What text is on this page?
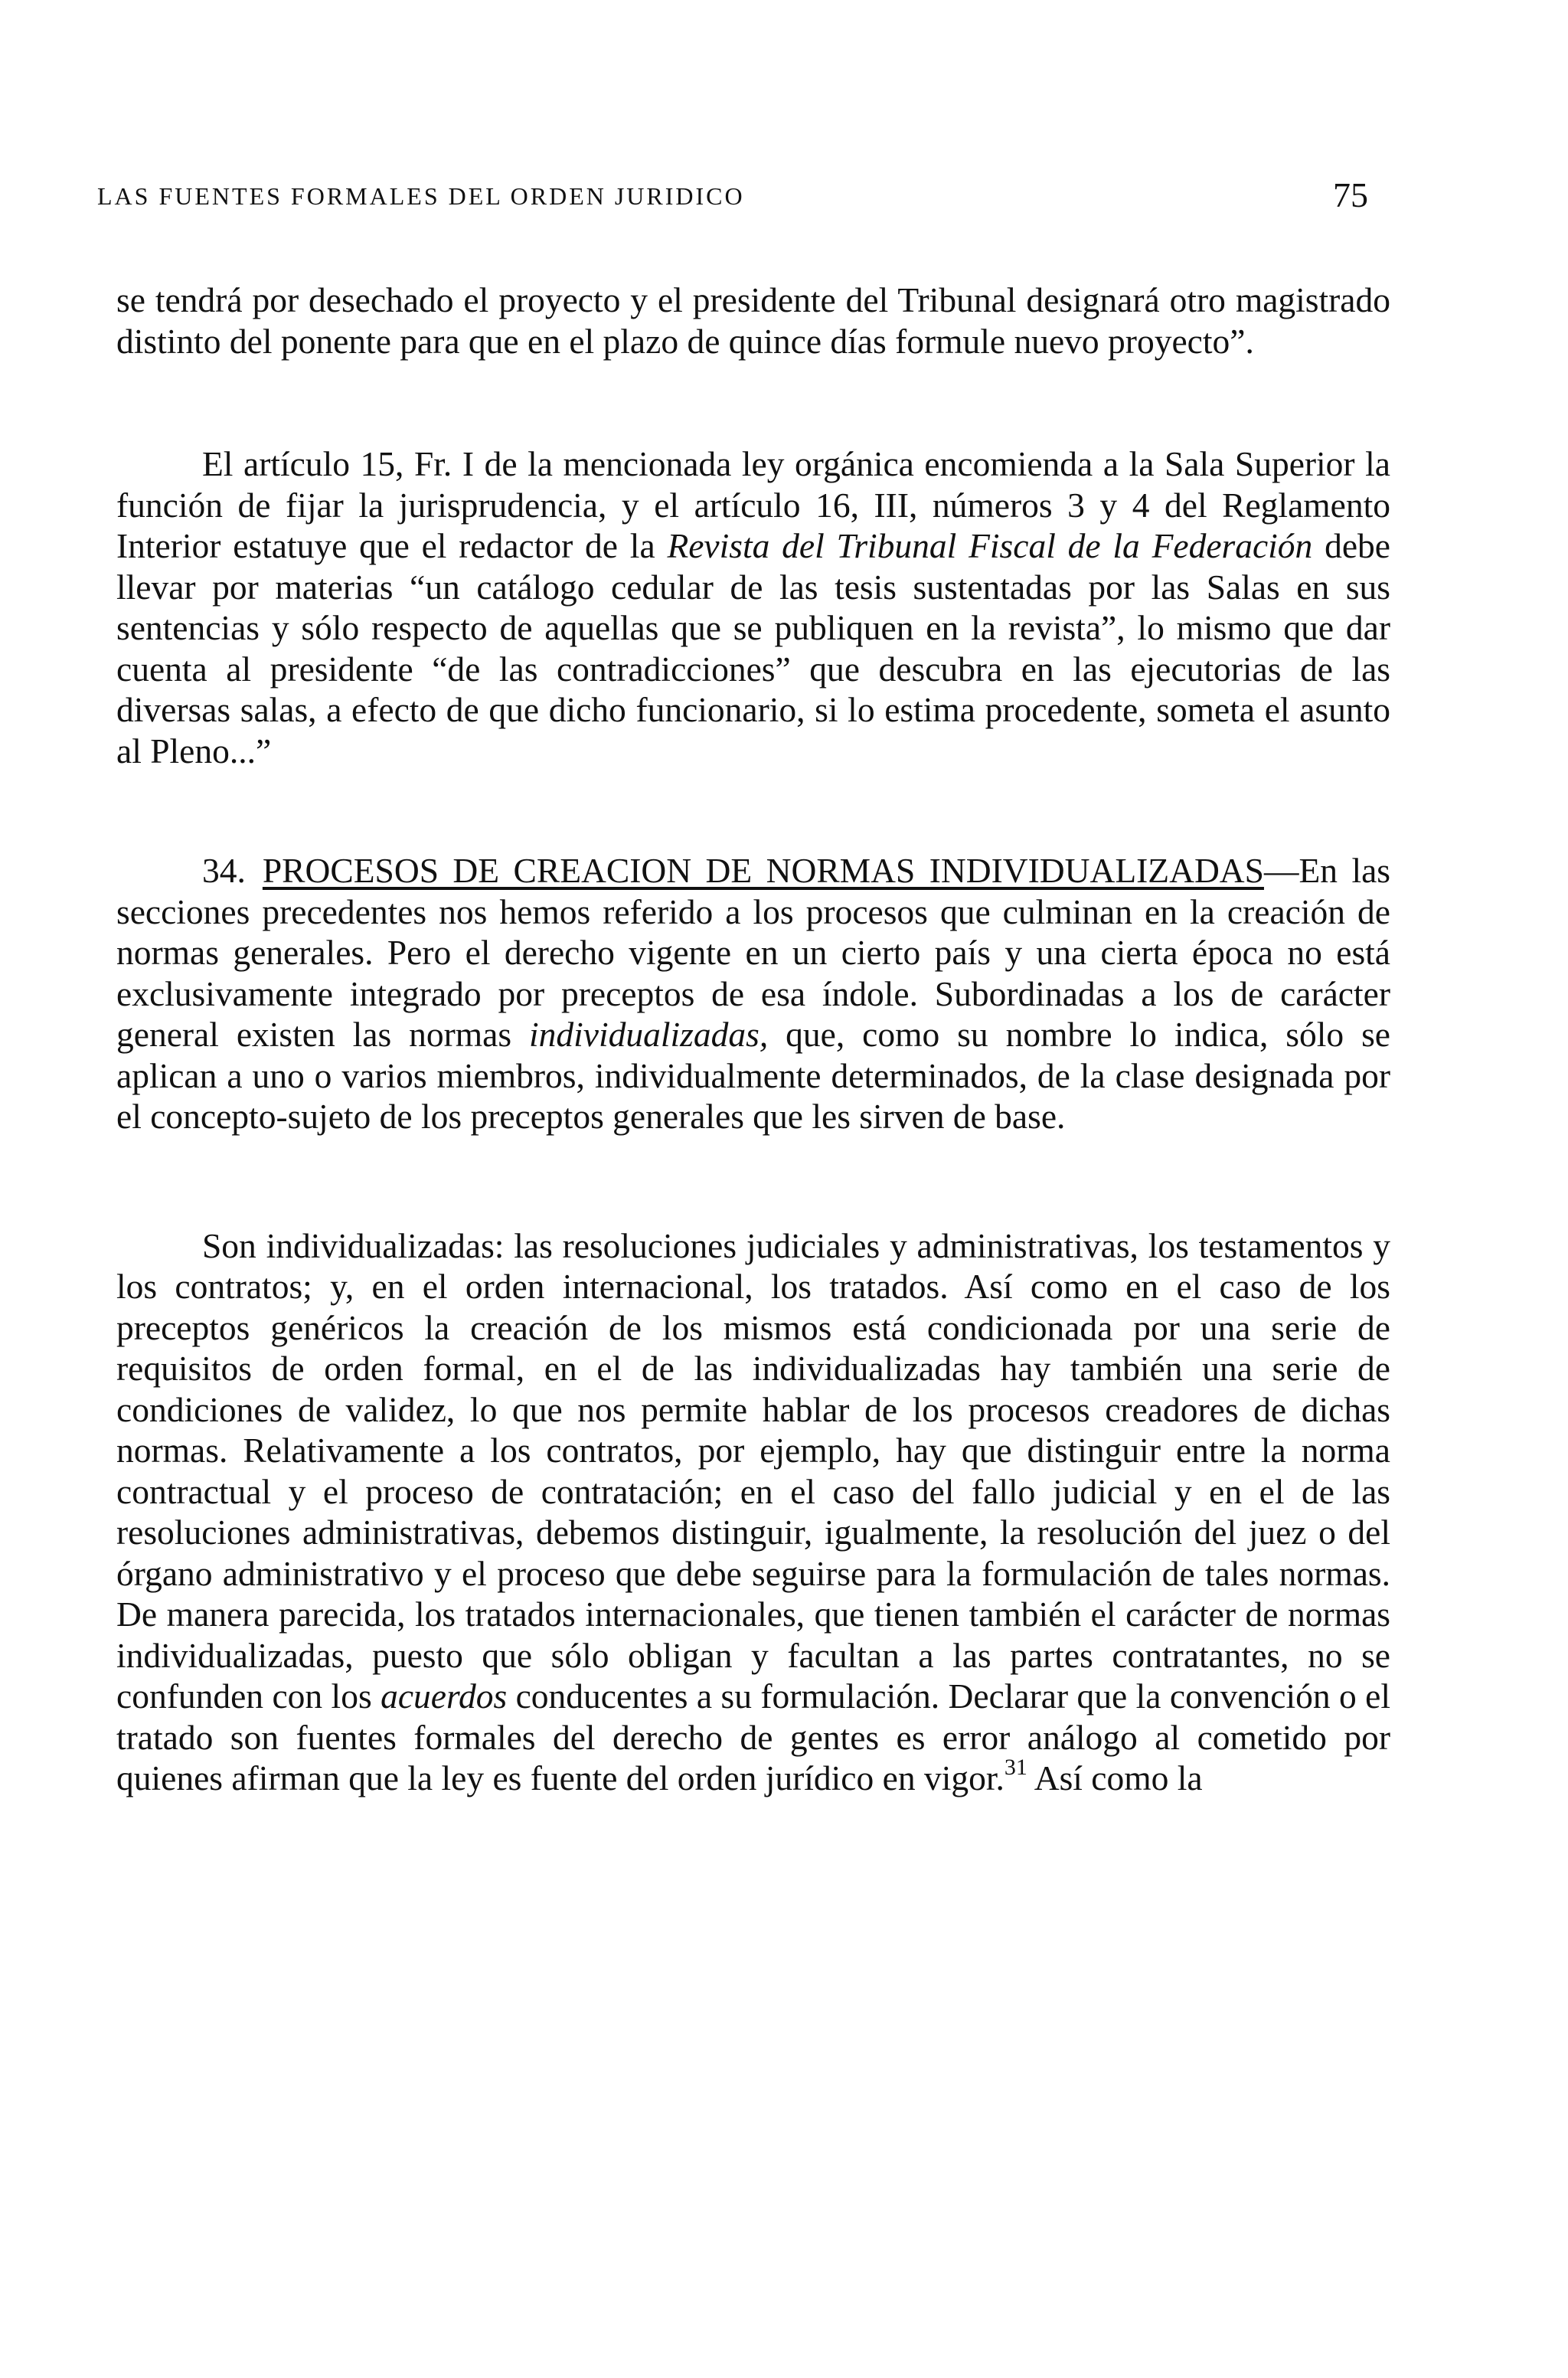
LAS FUENTES FORMALES DEL ORDEN JURIDICO	75

se tendrá por desechado el proyecto y el presidente del Tribunal designará otro magistrado distinto del ponente para que en el plazo de quince días formule nuevo proyecto”.

El artículo 15, Fr. I de la mencionada ley orgánica encomienda a la Sala Superior la función de fijar la jurisprudencia, y el artículo 16, III, números 3 y 4 del Reglamento Interior estatuye que el redactor de la Revista del Tribunal Fiscal de la Federación debe llevar por materias “un catálogo cedular de las tesis sustentadas por las Salas en sus sentencias y sólo respecto de aquellas que se publiquen en la revista”, lo mismo que dar cuenta al presidente “de las contradicciones” que descubra en las ejecutorias de las diversas salas, a efecto de que dicho funcionario, si lo estima procedente, someta el asunto al Pleno...”

34. PROCESOS DE CREACION DE NORMAS INDIVIDUALIZADAS—En las secciones precedentes nos hemos referido a los procesos que culminan en la creación de normas generales. Pero el derecho vigente en un cierto país y una cierta época no está exclusivamente integrado por preceptos de esa índole. Subordinadas a los de carácter general existen las normas individualizadas, que, como su nombre lo indica, sólo se aplican a uno o varios miembros, individualmente determinados, de la clase designada por el concepto-sujeto de los preceptos generales que les sirven de base.

Son individualizadas: las resoluciones judiciales y administrativas, los testamentos y los contratos; y, en el orden internacional, los tratados. Así como en el caso de los preceptos genéricos la creación de los mismos está condicionada por una serie de requisitos de orden formal, en el de las individualizadas hay también una serie de condiciones de validez, lo que nos permite hablar de los procesos creadores de dichas normas. Relativamente a los contratos, por ejemplo, hay que distinguir entre la norma contractual y el proceso de contratación; en el caso del fallo judicial y en el de las resoluciones administrativas, debemos distinguir, igualmente, la resolución del juez o del órgano administrativo y el proceso que debe seguirse para la formulación de tales normas. De manera parecida, los tratados internacionales, que tienen también el carácter de normas individualizadas, puesto que sólo obligan y facultan a las partes contratantes, no se confunden con los acuerdos conducentes a su formulación. Declarar que la convención o el tratado son fuentes formales del derecho de gentes es error análogo al cometido por quienes afirman que la ley es fuente del orden jurídico en vigor.$^{31}$ Así como la
